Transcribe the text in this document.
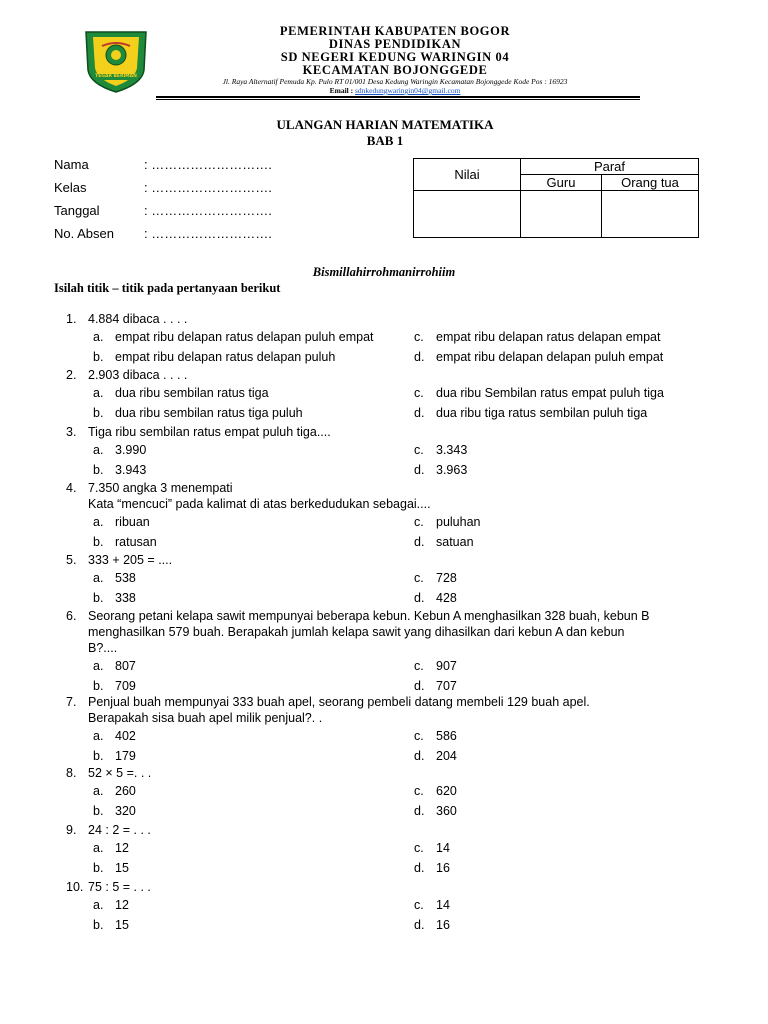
TEGAR BERIMAN
PEMERINTAH KABUPATEN BOGOR
DINAS PENDIDIKAN
SD NEGERI KEDUNG WARINGIN 04
KECAMATAN BOJONGGEDE
Jl. Raya Alternatif Pemuda Kp. Pulo RT 01/001 Desa Kedung Waringin Kecamatan Bojonggede Kode Pos : 16923
Email : sdnkedungwaringin04@gmail.com
ULANGAN HARIAN MATEMATIKA
BAB 1
Nama	: ……………………….
Kelas	: ……………………….
Tanggal	: ……………………….
No. Absen : ……………………….
Nilai	Paraf	
	Guru	Orang tua

Bismillahirrohmanirrohiim
Isilah titik – titik pada pertanyaan berikut
1. 4.884 dibaca . . . .
a. empat ribu delapan ratus delapan puluh empat	c. empat ribu delapan ratus delapan empat
b. empat ribu delapan ratus delapan puluh	d. empat ribu delapan delapan puluh empat
2. 2.903 dibaca . . . .
a. dua ribu sembilan ratus tiga	c. dua ribu Sembilan ratus empat puluh tiga
b. dua ribu sembilan ratus tiga puluh	d. dua ribu tiga ratus sembilan puluh tiga
3. Tiga ribu sembilan ratus empat puluh tiga....
a. 3.990	c. 3.343
b. 3.943	d. 3.963
4. 7.350 angka 3 menempati
Kata “mencuci” pada kalimat di atas berkedudukan sebagai....
a. ribuan	c. puluhan
b. ratusan	d. satuan
5. 333 + 205 = ....
a. 538	c. 728
b. 338	d. 428
6. Seorang petani kelapa sawit mempunyai beberapa kebun. Kebun A menghasilkan 328 buah, kebun B
menghasilkan 579 buah. Berapakah jumlah kelapa sawit yang dihasilkan dari kebun A dan kebun
B?....
a. 807	c. 907
b. 709	d. 707
7. Penjual buah mempunyai 333 buah apel, seorang pembeli datang membeli 129 buah apel.
Berapakah sisa buah apel milik penjual?. .
a. 402	c. 586
b. 179	d. 204
8. 52 × 5 =. . .
a. 260	c. 620
b. 320	d. 360
9. 24 : 2 = . . .
a. 12	c. 14
b. 15	d. 16
10. 75 : 5 = . . .
a. 12	c. 14
b. 15	d. 16
